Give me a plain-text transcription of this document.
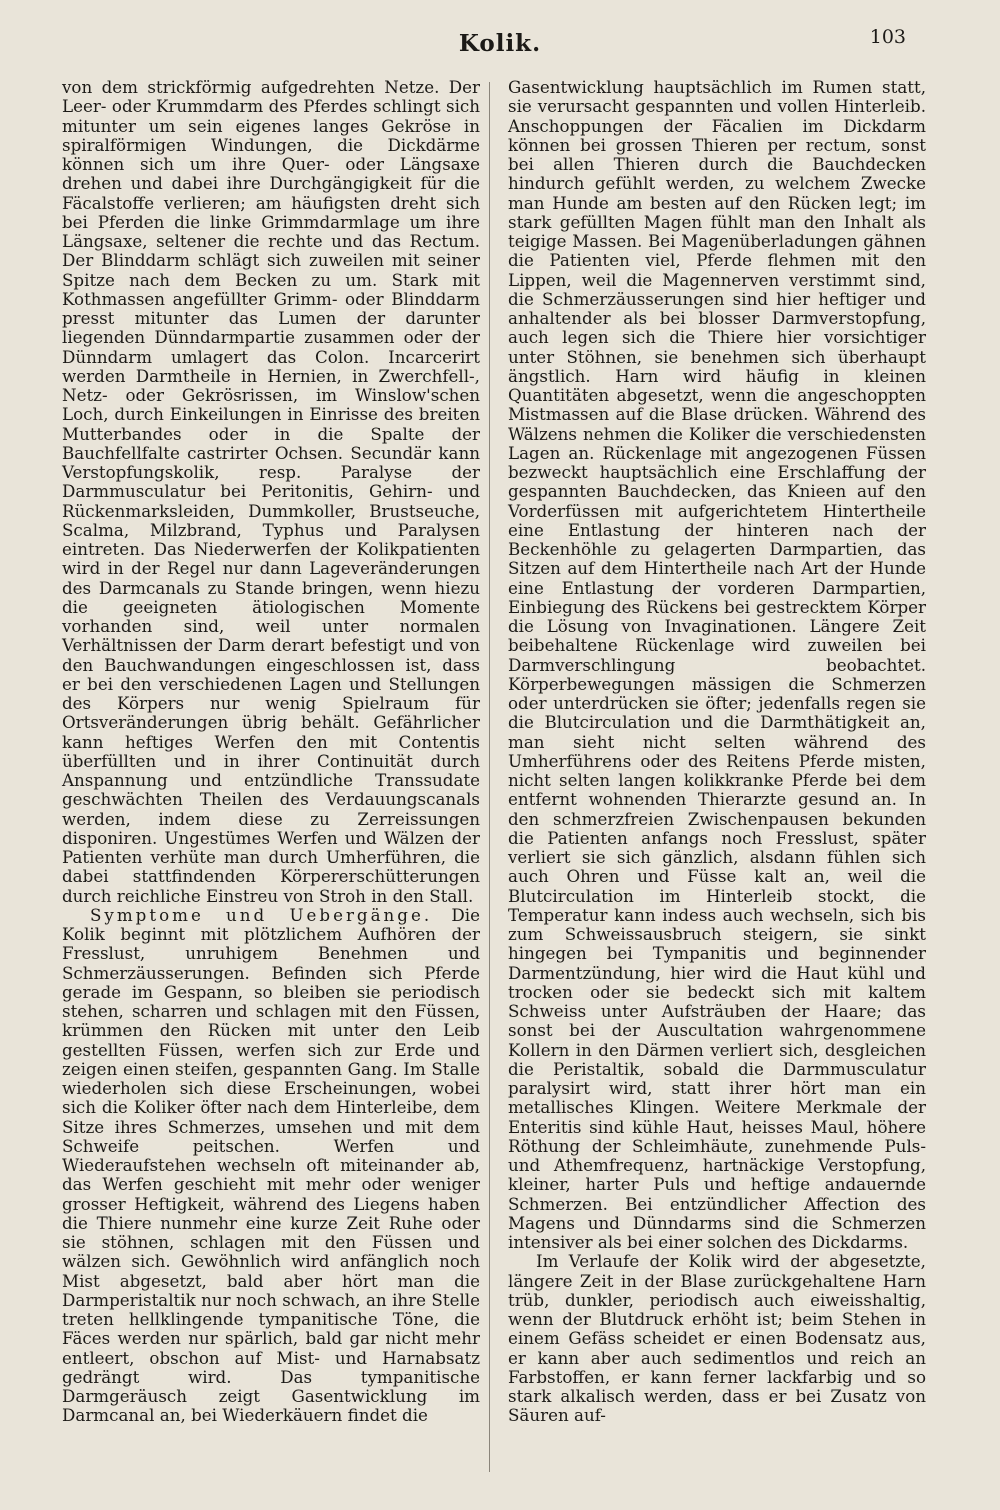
Kolik.	103

von dem strickförmig aufgedrehten Netze. Der Leer- oder Krummdarm des Pferdes schlingt sich mitunter um sein eigenes langes Gekröse in spiralförmigen Windungen, die Dickdärme können sich um ihre Quer- oder Längsaxe drehen und dabei ihre Durchgängigkeit für die Fäcalstoffe verlieren; am häufigsten dreht sich bei Pferden die linke Grimmdarmlage um ihre Längsaxe, seltener die rechte und das Rectum. Der Blinddarm schlägt sich zuweilen mit seiner Spitze nach dem Becken zu um. Stark mit Kothmassen angefüllter Grimm- oder Blinddarm presst mitunter das Lumen der darunter liegenden Dünndarmpartie zusammen oder der Dünndarm umlagert das Colon. Incarcerirt werden Darmtheile in Hernien, in Zwerchfell-, Netz- oder Gekrösrissen, im Winslow'schen Loch, durch Einkeilungen in Einrisse des breiten Mutterbandes oder in die Spalte der Bauchfellfalte castrirter Ochsen. Secundär kann Verstopfungskolik, resp. Paralyse der Darmmusculatur bei Peritonitis, Gehirn- und Rückenmarksleiden, Dummkoller, Brustseuche, Scalma, Milzbrand, Typhus und Paralysen eintreten. Das Niederwerfen der Kolikpatienten wird in der Regel nur dann Lageveränderungen des Darmcanals zu Stande bringen, wenn hiezu die geeigneten ätiologischen Momente vorhanden sind, weil unter normalen Verhältnissen der Darm derart befestigt und von den Bauchwandungen eingeschlossen ist, dass er bei den verschiedenen Lagen und Stellungen des Körpers nur wenig Spielraum für Ortsveränderungen übrig behält. Gefährlicher kann heftiges Werfen den mit Contentis überfüllten und in ihrer Continuität durch Anspannung und entzündliche Transsudate geschwächten Theilen des Verdauungscanals werden, indem diese zu Zerreissungen disponiren. Ungestümes Werfen und Wälzen der Patienten verhüte man durch Umherführen, die dabei stattfindenden Körpererschütterungen durch reichliche Einstreu von Stroh in den Stall.

Symptome und Uebergänge. Die Kolik beginnt mit plötzlichem Aufhören der Fresslust, unruhigem Benehmen und Schmerzäusserungen. Befinden sich Pferde gerade im Gespann, so bleiben sie periodisch stehen, scharren und schlagen mit den Füssen, krümmen den Rücken mit unter den Leib gestellten Füssen, werfen sich zur Erde und zeigen einen steifen, gespannten Gang. Im Stalle wiederholen sich diese Erscheinungen, wobei sich die Koliker öfter nach dem Hinterleibe, dem Sitze ihres Schmerzes, umsehen und mit dem Schweife peitschen. Werfen und Wiederaufstehen wechseln oft miteinander ab, das Werfen geschieht mit mehr oder weniger grosser Heftigkeit, während des Liegens haben die Thiere nunmehr eine kurze Zeit Ruhe oder sie stöhnen, schlagen mit den Füssen und wälzen sich. Gewöhnlich wird anfänglich noch Mist abgesetzt, bald aber hört man die Darmperistaltik nur noch schwach, an ihre Stelle treten hellklingende tympanitische Töne, die Fäces werden nur spärlich, bald gar nicht mehr entleert, obschon auf Mist- und Harnabsatz gedrängt wird. Das tympanitische Darmgeräusch zeigt Gasentwicklung im Darmcanal an, bei Wiederkäuern findet die

Gasentwicklung hauptsächlich im Rumen statt, sie verursacht gespannten und vollen Hinterleib. Anschoppungen der Fäcalien im Dickdarm können bei grossen Thieren per rectum, sonst bei allen Thieren durch die Bauchdecken hindurch gefühlt werden, zu welchem Zwecke man Hunde am besten auf den Rücken legt; im stark gefüllten Magen fühlt man den Inhalt als teigige Massen. Bei Magenüberladungen gähnen die Patienten viel, Pferde flehmen mit den Lippen, weil die Magennerven verstimmt sind, die Schmerzäusserungen sind hier heftiger und anhaltender als bei blosser Darmverstopfung, auch legen sich die Thiere hier vorsichtiger unter Stöhnen, sie benehmen sich überhaupt ängstlich. Harn wird häufig in kleinen Quantitäten abgesetzt, wenn die angeschoppten Mistmassen auf die Blase drücken. Während des Wälzens nehmen die Koliker die verschiedensten Lagen an. Rückenlage mit angezogenen Füssen bezweckt hauptsächlich eine Erschlaffung der gespannten Bauchdecken, das Knieen auf den Vorderfüssen mit aufgerichtetem Hintertheile eine Entlastung der hinteren nach der Beckenhöhle zu gelagerten Darmpartien, das Sitzen auf dem Hintertheile nach Art der Hunde eine Entlastung der vorderen Darmpartien, Einbiegung des Rückens bei gestrecktem Körper die Lösung von Invaginationen. Längere Zeit beibehaltene Rückenlage wird zuweilen bei Darmverschlingung beobachtet. Körperbewegungen mässigen die Schmerzen oder unterdrücken sie öfter; jedenfalls regen sie die Blutcirculation und die Darmthätigkeit an, man sieht nicht selten während des Umherführens oder des Reitens Pferde misten, nicht selten langen kolikkranke Pferde bei dem entfernt wohnenden Thierarzte gesund an. In den schmerzfreien Zwischenpausen bekunden die Patienten anfangs noch Fresslust, später verliert sie sich gänzlich, alsdann fühlen sich auch Ohren und Füsse kalt an, weil die Blutcirculation im Hinterleib stockt, die Temperatur kann indess auch wechseln, sich bis zum Schweissausbruch steigern, sie sinkt hingegen bei Tympanitis und beginnender Darmentzündung, hier wird die Haut kühl und trocken oder sie bedeckt sich mit kaltem Schweiss unter Aufsträuben der Haare; das sonst bei der Auscultation wahrgenommene Kollern in den Därmen verliert sich, desgleichen die Peristaltik, sobald die Darmmusculatur paralysirt wird, statt ihrer hört man ein metallisches Klingen. Weitere Merkmale der Enteritis sind kühle Haut, heisses Maul, höhere Röthung der Schleimhäute, zunehmende Puls- und Athemfrequenz, hartnäckige Verstopfung, kleiner, harter Puls und heftige andauernde Schmerzen. Bei entzündlicher Affection des Magens und Dünndarms sind die Schmerzen intensiver als bei einer solchen des Dickdarms.

Im Verlaufe der Kolik wird der abgesetzte, längere Zeit in der Blase zurückgehaltene Harn trüb, dunkler, periodisch auch eiweisshaltig, wenn der Blutdruck erhöht ist; beim Stehen in einem Gefäss scheidet er einen Bodensatz aus, er kann aber auch sedimentlos und reich an Farbstoffen, er kann ferner lackfarbig und so stark alkalisch werden, dass er bei Zusatz von Säuren auf-
